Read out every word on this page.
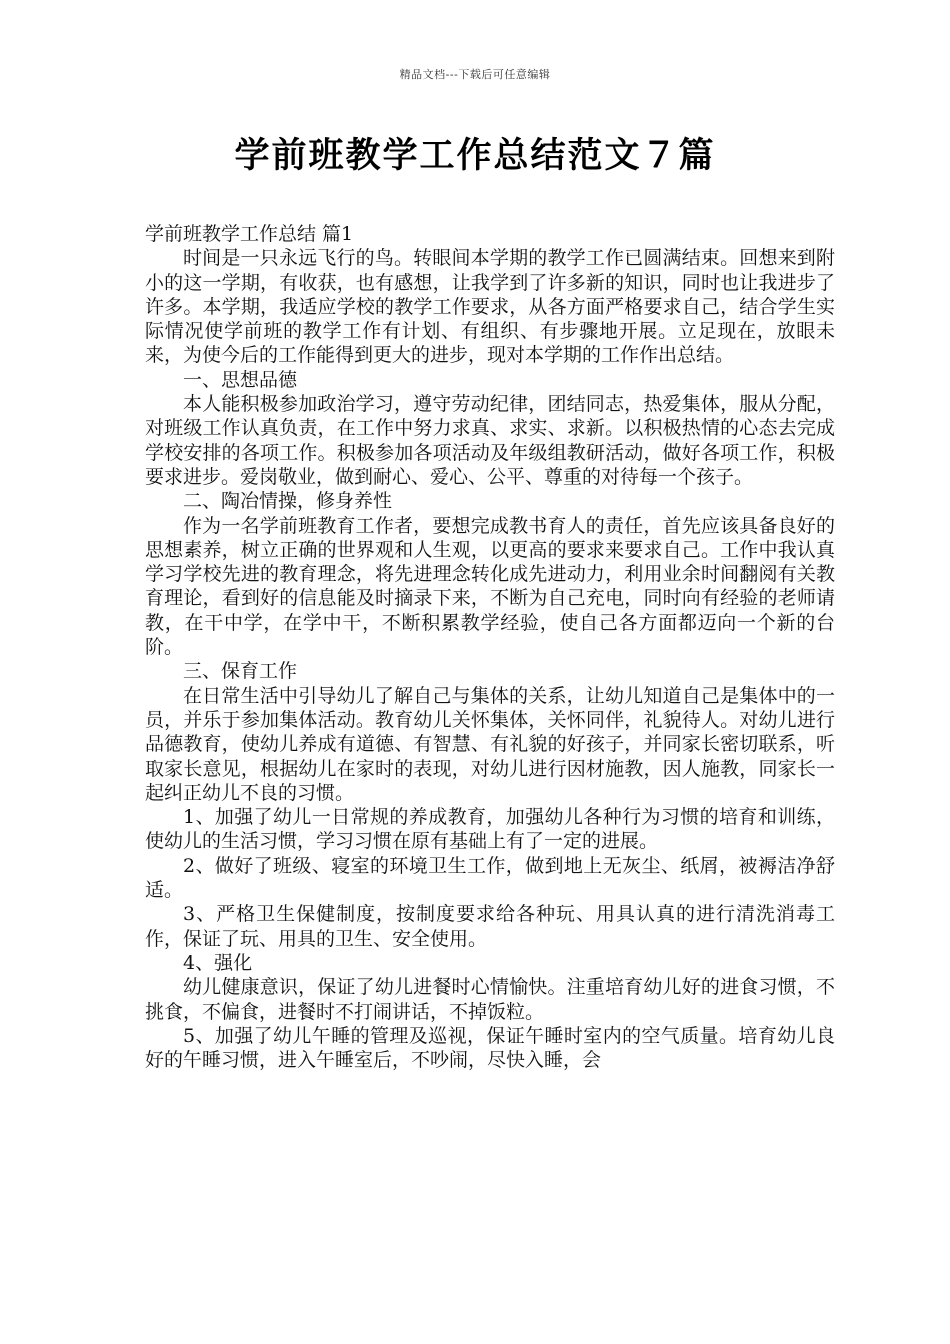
精品文档---下载后可任意编辑
学前班教学工作总结范文７篇

学前班教学工作总结 篇1

时间是一只永远飞行的鸟。转眼间本学期的教学工作已圆满结束。回想来到附小的这一学期，有收获，也有感想，让我学到了许多新的知识，同时也让我进步了许多。本学期，我适应学校的教学工作要求，从各方面严格要求自己，结合学生实际情况使学前班的教学工作有计划、有组织、有步骤地开展。立足现在，放眼未来，为使今后的工作能得到更大的进步，现对本学期的工作作出总结。

一、思想品德

本人能积极参加政治学习，遵守劳动纪律，团结同志，热爱集体，服从分配，对班级工作认真负责，在工作中努力求真、求实、求新。以积极热情的心态去完成学校安排的各项工作。积极参加各项活动及年级组教研活动，做好各项工作，积极要求进步。爱岗敬业，做到耐心、爱心、公平、尊重的对待每一个孩子。

二、陶冶情操，修身养性

作为一名学前班教育工作者，要想完成教书育人的责任，首先应该具备良好的思想素养，树立正确的世界观和人生观，以更高的要求来要求自己。工作中我认真学习学校先进的教育理念，将先进理念转化成先进动力，利用业余时间翻阅有关教育理论，看到好的信息能及时摘录下来，不断为自己充电，同时向有经验的老师请教，在干中学，在学中干，不断积累教学经验，使自己各方面都迈向一个新的台阶。

三、保育工作

在日常生活中引导幼儿了解自己与集体的关系，让幼儿知道自己是集体中的一员，并乐于参加集体活动。教育幼儿关怀集体，关怀同伴，礼貌待人。对幼儿进行品德教育，使幼儿养成有道德、有智慧、有礼貌的好孩子，并同家长密切联系，听取家长意见，根据幼儿在家时的表现，对幼儿进行因材施教，因人施教，同家长一起纠正幼儿不良的习惯。

1、加强了幼儿一日常规的养成教育，加强幼儿各种行为习惯的培育和训练，使幼儿的生活习惯，学习习惯在原有基础上有了一定的进展。

2、做好了班级、寝室的环境卫生工作，做到地上无灰尘、纸屑，被褥洁净舒适。

3、严格卫生保健制度，按制度要求给各种玩、用具认真的进行清洗消毒工作，保证了玩、用具的卫生、安全使用。

4、强化

幼儿健康意识，保证了幼儿进餐时心情愉快。注重培育幼儿好的进食习惯，不挑食，不偏食，进餐时不打闹讲话，不掉饭粒。

5、加强了幼儿午睡的管理及巡视，保证午睡时室内的空气质量。培育幼儿良好的午睡习惯，进入午睡室后，不吵闹，尽快入睡，会
